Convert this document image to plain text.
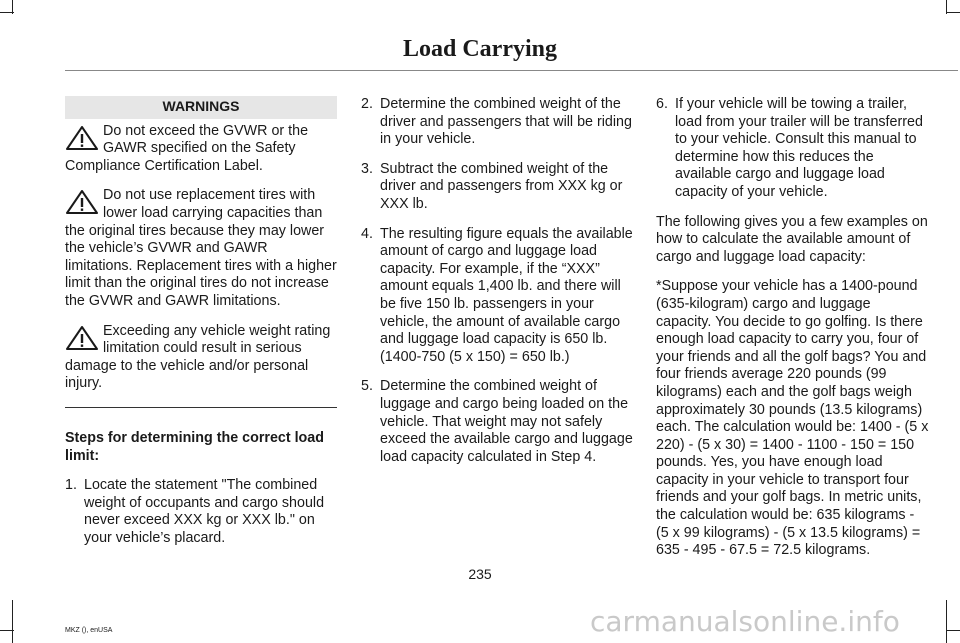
Load Carrying
WARNINGS
Do not exceed the GVWR or the GAWR specified on the Safety Compliance Certification Label.
Do not use replacement tires with lower load carrying capacities than the original tires because they may lower the vehicle’s GVWR and GAWR limitations. Replacement tires with a higher limit than the original tires do not increase the GVWR and GAWR limitations.
Exceeding any vehicle weight rating limitation could result in serious damage to the vehicle and/or personal injury.
Steps for determining the correct load limit:
1. Locate the statement "The combined weight of occupants and cargo should never exceed XXX kg or XXX lb." on your vehicle’s placard.
2. Determine the combined weight of the driver and passengers that will be riding in your vehicle.
3. Subtract the combined weight of the driver and passengers from XXX kg or XXX lb.
4. The resulting figure equals the available amount of cargo and luggage load capacity. For example, if the “XXX” amount equals 1,400 lb. and there will be five 150 lb. passengers in your vehicle, the amount of available cargo and luggage load capacity is 650 lb. (1400-750 (5 x 150) = 650 lb.)
5. Determine the combined weight of luggage and cargo being loaded on the vehicle. That weight may not safely exceed the available cargo and luggage load capacity calculated in Step 4.
6. If your vehicle will be towing a trailer, load from your trailer will be transferred to your vehicle. Consult this manual to determine how this reduces the available cargo and luggage load capacity of your vehicle.

The following gives you a few examples on how to calculate the available amount of cargo and luggage load capacity:

*Suppose your vehicle has a 1400-pound (635-kilogram) cargo and luggage capacity. You decide to go golfing. Is there enough load capacity to carry you, four of your friends and all the golf bags? You and four friends average 220 pounds (99 kilograms) each and the golf bags weigh approximately 30 pounds (13.5 kilograms) each. The calculation would be: 1400 - (5 x 220) - (5 x 30) = 1400 - 1100 - 150 = 150 pounds. Yes, you have enough load capacity in your vehicle to transport four friends and your golf bags. In metric units, the calculation would be: 635 kilograms - (5 x 99 kilograms) - (5 x 13.5 kilograms) = 635 - 495 - 67.5 = 72.5 kilograms.

235
MKZ (), enUSA	carmanualsonline.info
